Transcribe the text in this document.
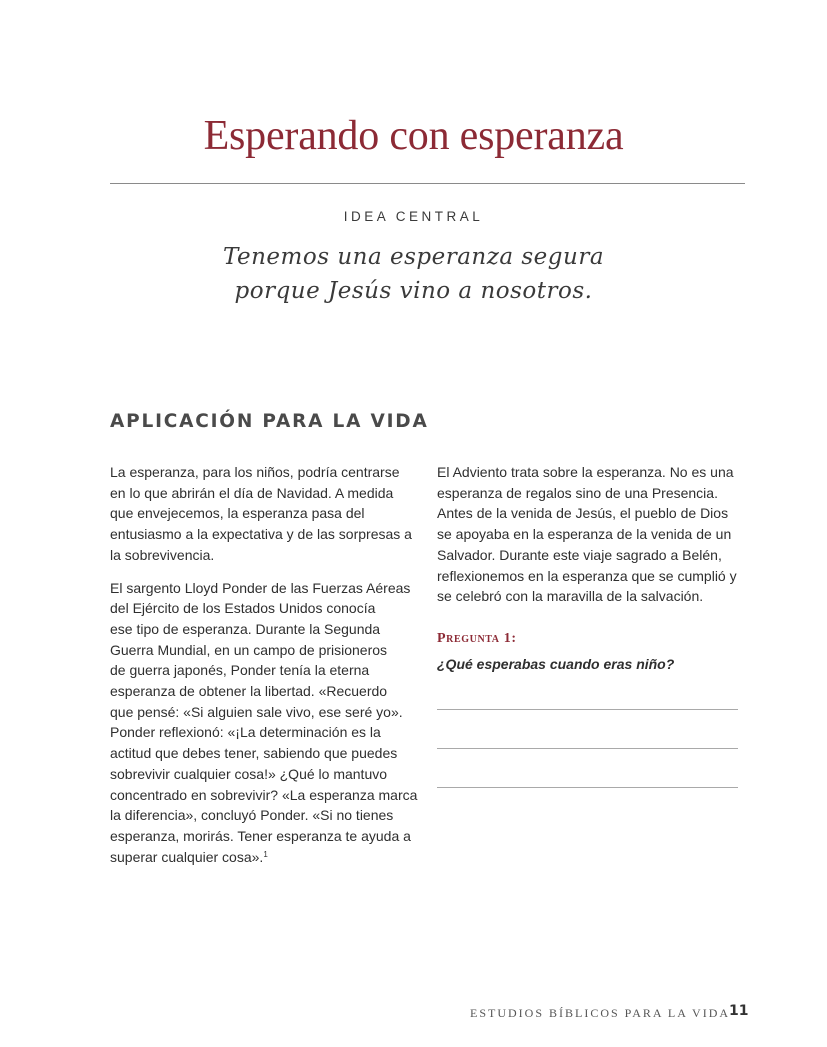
Esperando con esperanza
IDEA CENTRAL
Tenemos una esperanza segura
porque Jesús vino a nosotros.
APLICACIÓN PARA LA VIDA

La esperanza, para los niños, podría centrarse
en lo que abrirán el día de Navidad. A medida
que envejecemos, la esperanza pasa del
entusiasmo a la expectativa y de las sorpresas a
la sobrevivencia.

El sargento Lloyd Ponder de las Fuerzas Aéreas
del Ejército de los Estados Unidos conocía
ese tipo de esperanza. Durante la Segunda
Guerra Mundial, en un campo de prisioneros
de guerra japonés, Ponder tenía la eterna
esperanza de obtener la libertad. «Recuerdo
que pensé: «Si alguien sale vivo, ese seré yo».
Ponder reflexionó: «¡La determinación es la
actitud que debes tener, sabiendo que puedes
sobrevivir cualquier cosa!» ¿Qué lo mantuvo
concentrado en sobrevivir? «La esperanza marca
la diferencia», concluyó Ponder. «Si no tienes
esperanza, morirás. Tener esperanza te ayuda a
superar cualquier cosa».$^1$

El Adviento trata sobre la esperanza. No es una
esperanza de regalos sino de una Presencia.
Antes de la venida de Jesús, el pueblo de Dios
se apoyaba en la esperanza de la venida de un
Salvador. Durante este viaje sagrado a Belén,
reflexionemos en la esperanza que se cumplió y
se celebró con la maravilla de la salvación.

Pregunta 1:
¿Qué esperabas cuando eras niño?
ESTUDIOS BÍBLICOS PARA LA VIDA
11
